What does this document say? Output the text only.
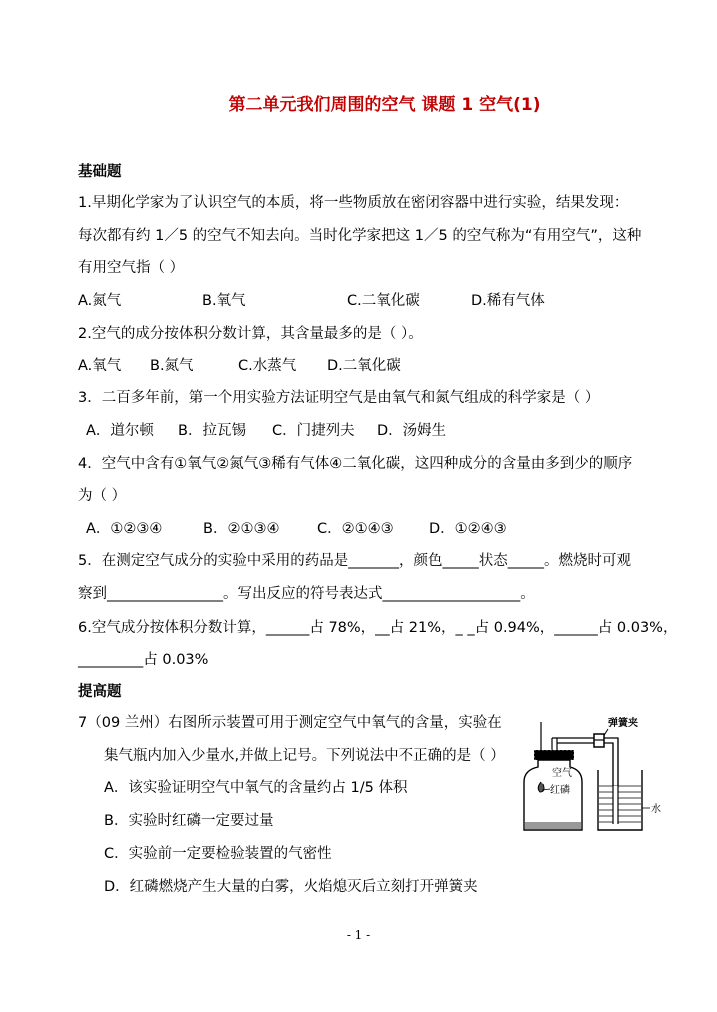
第二单元我们周围的空气 课题 1 空气(1)
基础题
1.早期化学家为了认识空气的本质，将一些物质放在密闭容器中进行实验，结果发现：
每次都有约 1／5 的空气不知去向。当时化学家把这 1／5 的空气称为“有用空气”，这种
有用空气指（ ）
A.氮气	B.氧气	C.二氧化碳	D.稀有气体
2.空气的成分按体积分数计算，其含量最多的是（ ）。
A.氧气 B.氮气	C.水蒸气 D.二氧化碳
3．二百多年前，第一个用实验方法证明空气是由氧气和氮气组成的科学家是（ ）
A．道尔顿 B．拉瓦锡 C．门捷列夫 D．汤姆生
4．空气中含有①氧气②氮气③稀有气体④二氧化碳，这四种成分的含量由多到少的顺序
为（ ）
A．①②③④	B．②①③④	C．②①④③ D．①②④③
5．在测定空气成分的实验中采用的药品是_______，颜色_____状态_____。燃烧时可观
察到________________。写出反应的符号表达式___________________。
6.空气成分按体积分数计算，______占 78%，__占 21%，_ _占 0.94%，______占 0.03%，
_________占 0.03%
提高题
7（09 兰州）右图所示装置可用于测定空气中氧气的含量，实验在
集气瓶内加入少量水,并做上记号。下列说法中不正确的是（ ）
A．该实验证明空气中氧气的含量约占 1/5 体积
B．实验时红磷一定要过量
C．实验前一定要检验装置的气密性
D．红磷燃烧产生大量的白雾，火焰熄灭后立刻打开弹簧夹
弹簧夹
空气
红磷
水
- 1 -
